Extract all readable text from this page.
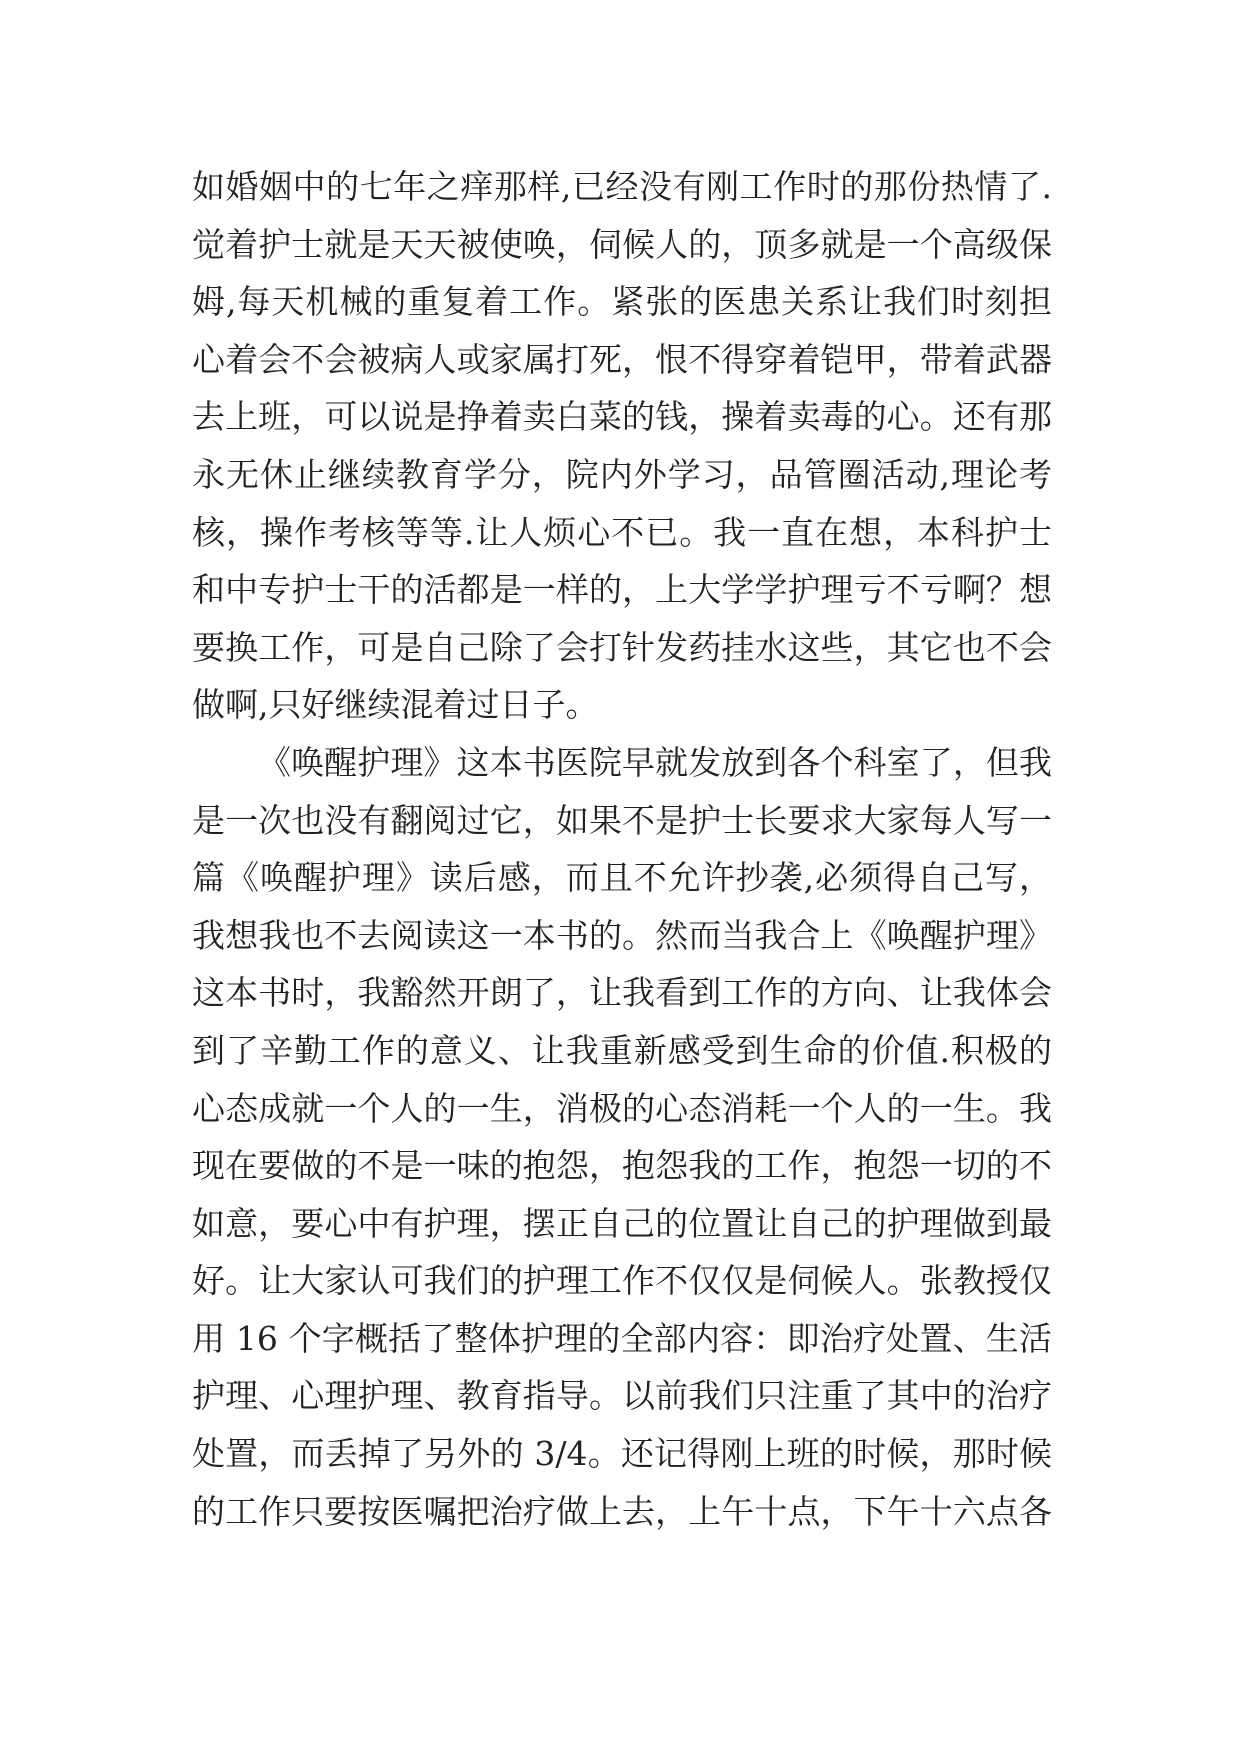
如婚姻中的七年之痒那样,已经没有刚工作时的那份热情了.
觉着护士就是天天被使唤，伺候人的，顶多就是一个高级保
姆,每天机械的重复着工作。紧张的医患关系让我们时刻担
心着会不会被病人或家属打死，恨不得穿着铠甲，带着武器
去上班，可以说是挣着卖白菜的钱，操着卖毒的心。还有那
永无休止继续教育学分，院内外学习，品管圈活动,理论考
核，操作考核等等.让人烦心不已。我一直在想，本科护士
和中专护士干的活都是一样的，上大学学护理亏不亏啊？想
要换工作，可是自己除了会打针发药挂水这些，其它也不会
做啊,只好继续混着过日子。
《唤醒护理》这本书医院早就发放到各个科室了，但我
是一次也没有翻阅过它，如果不是护士长要求大家每人写一
篇《唤醒护理》读后感，而且不允许抄袭,必须得自己写，
我想我也不去阅读这一本书的。然而当我合上《唤醒护理》
这本书时，我豁然开朗了，让我看到工作的方向、让我体会
到了辛勤工作的意义、让我重新感受到生命的价值.积极的
心态成就一个人的一生，消极的心态消耗一个人的一生。我
现在要做的不是一味的抱怨，抱怨我的工作，抱怨一切的不
如意，要心中有护理，摆正自己的位置让自己的护理做到最
好。让大家认可我们的护理工作不仅仅是伺候人。张教授仅
用 16 个字概括了整体护理的全部内容：即治疗处置、生活
护理、心理护理、教育指导。以前我们只注重了其中的治疗
处置，而丢掉了另外的 3/4。还记得刚上班的时候，那时候
的工作只要按医嘱把治疗做上去，上午十点，下午十六点各
